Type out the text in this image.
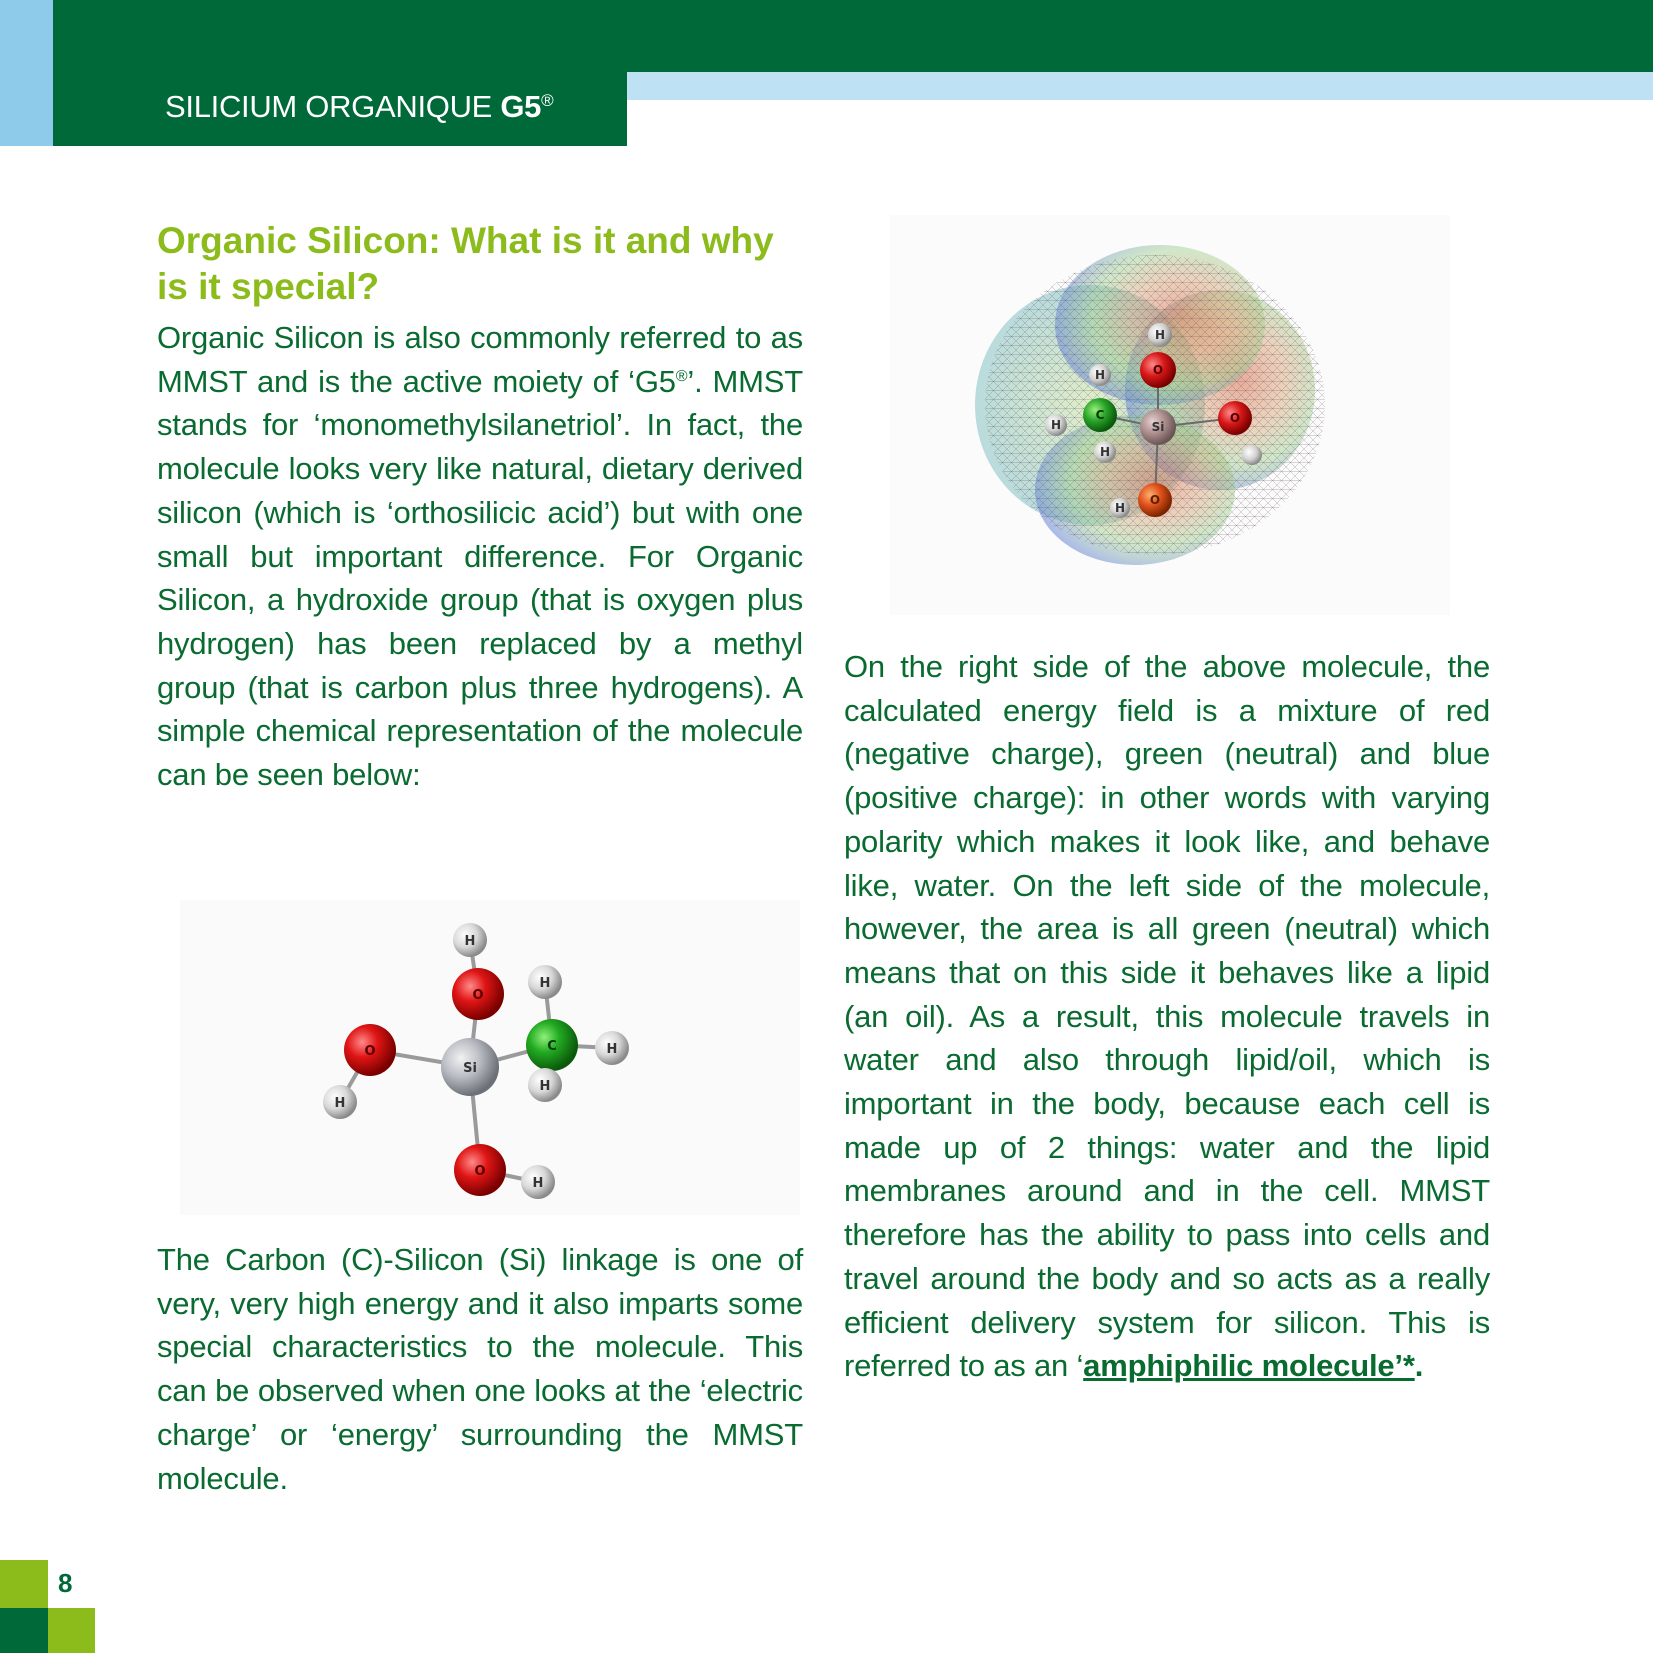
SILICIUM ORGANIQUE G5®
Organic Silicon: What is it and why is it special?

Organic Silicon is also commonly referred to as MMST and is the active moiety of ‘G5®’. MMST stands for ‘monomethylsilanetriol’. In fact, the molecule looks very like natural, dietary derived silicon (which is ‘orthosilicic acid’) but with one small but important difference. For Organic Silicon, a hydroxide group (that is oxygen plus hydrogen) has been replaced by a methyl group (that is carbon plus three hydrogens). A simple chemical representation of the molecule can be seen below:

H
O
H
C	H
H
O
Si
H
O
H

The Carbon (C)-Silicon (Si) linkage is one of very, very high energy and it also imparts some special characteristics to the molecule. This can be observed when one looks at the ‘electric charge’ or ‘energy’ surrounding the MMST molecule.

H
O
H
O
C
Si
H
H
O
H

On the right side of the above molecule, the calculated energy field is a mixture of red (negative charge), green (neutral) and blue (positive charge): in other words with varying polarity which makes it look like, and behave like, water. On the left side of the molecule, however, the area is all green (neutral) which means that on this side it behaves like a lipid (an oil). As a result, this molecule travels in water and also through lipid/oil, which is important in the body, because each cell is made up of 2 things: water and the lipid membranes around and in the cell. MMST therefore has the ability to pass into cells and travel around the body and so acts as a really efficient delivery system for silicon. This is referred to as an ‘amphiphilic molecule’*.

8
